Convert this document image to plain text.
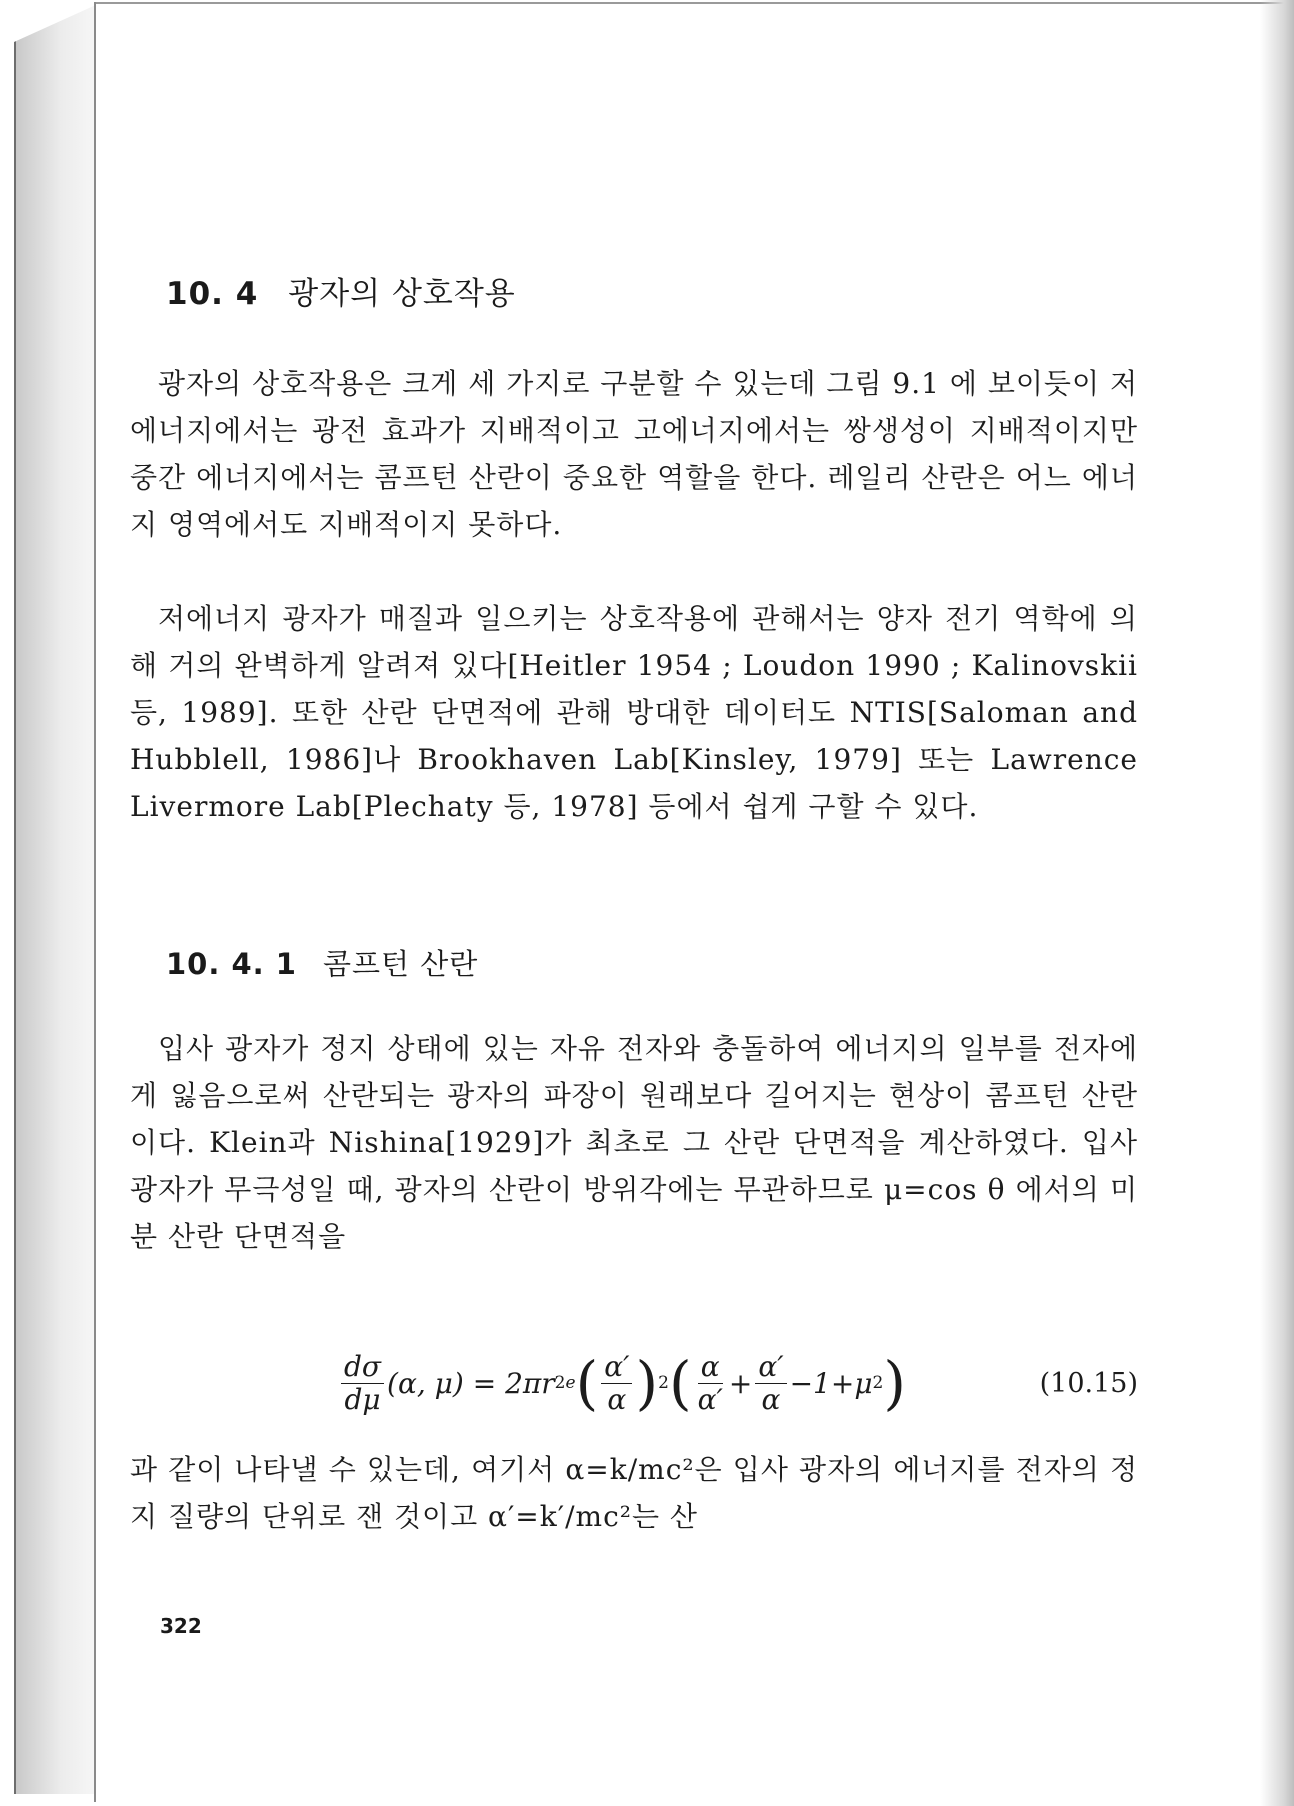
10. 4 광자의 상호작용

광자의 상호작용은 크게 세 가지로 구분할 수 있는데 그림 9.1 에 보이듯이 저에너지에서는 광전 효과가 지배적이고 고에너지에서는 쌍생성이 지배적이지만 중간 에너지에서는 콤프턴 산란이 중요한 역할을 한다. 레일리 산란은 어느 에너지 영역에서도 지배적이지 못하다.

저에너지 광자가 매질과 일으키는 상호작용에 관해서는 양자 전기 역학에 의해 거의 완벽하게 알려져 있다[Heitler 1954 ; Loudon 1990 ; Kalinovskii 등, 1989]. 또한 산란 단면적에 관해 방대한 데이터도 NTIS[Saloman and Hubblell, 1986]나 Brookhaven Lab[Kinsley, 1979] 또는 Lawrence Livermore Lab[Plechaty 등, 1978] 등에서 쉽게 구할 수 있다.

10. 4. 1 콤프턴 산란

입사 광자가 정지 상태에 있는 자유 전자와 충돌하여 에너지의 일부를 전자에게 잃음으로써 산란되는 광자의 파장이 원래보다 길어지는 현상이 콤프턴 산란이다. Klein과 Nishina[1929]가 최초로 그 산란 단면적을 계산하였다. 입사 광자가 무극성일 때, 광자의 산란이 방위각에는 무관하므로 μ=cos θ 에서의 미분 산란 단면적을

$\frac{d\sigma}{d\mu} (\alpha$, μ) = 2πr 2 e ( $\frac{\alpha'}{\alpha}$ ) 2 ( $\frac{\alpha}{\alpha'} + \frac{\alpha'}{\alpha} -1+\mu$ 2 )	(10.15)

과 같이 나타낼 수 있는데, 여기서 α=k/mc²은 입사 광자의 에너지를 전자의 정지 질량의 단위로 잰 것이고 α′=k′/mc²는 산

322
